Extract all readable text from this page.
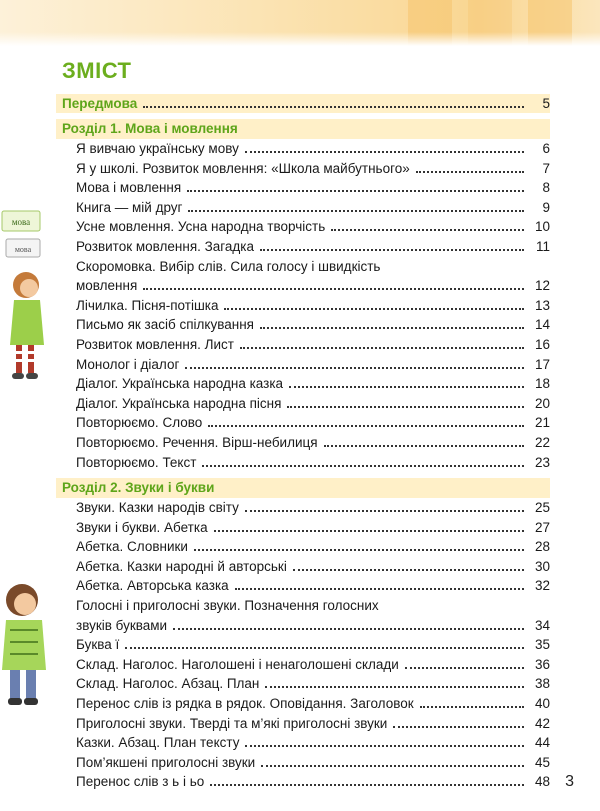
мова
мова
ЗМІСТ
Передмова	5
Розділ 1. Мова і мовлення
Я вивчаю українську мову	6
Я у школі. Розвиток мовлення: «Школа майбутнього»	7
Мова і мовлення	8
Книга — мій друг	9
Усне мовлення. Усна народна творчість	10
Розвиток мовлення. Загадка	11
Скоромовка. Вибір слів. Сила голосу і швидкість
мовлення	12
Лічилка. Пісня-потішка	13
Письмо як засіб спілкування	14
Розвиток мовлення. Лист	16
Монолог і діалог	17
Діалог. Українська народна казка	18
Діалог. Українська народна пісня	20
Повторюємо. Слово	21
Повторюємо. Речення. Вірш-небилиця	22
Повторюємо. Текст	23
Розділ 2. Звуки і букви
Звуки. Казки народів світу	25
Звуки і букви. Абетка	27
Абетка. Словники	28
Абетка. Казки народні й авторські	30
Абетка. Авторська казка	32
Голосні і приголосні звуки. Позначення голосних
звуків буквами	34
Буква ї	35
Склад. Наголос. Наголошені і ненаголошені склади	36
Склад. Наголос. Абзац. План	38
Перенос слів із рядка в рядок. Оповідання. Заголовок	40
Приголосні звуки. Тверді та м’які приголосні звуки	42
Казки. Абзац. План тексту	44
Пом’якшені приголосні звуки	45
Перенос слів з ь і ьо	48 3
